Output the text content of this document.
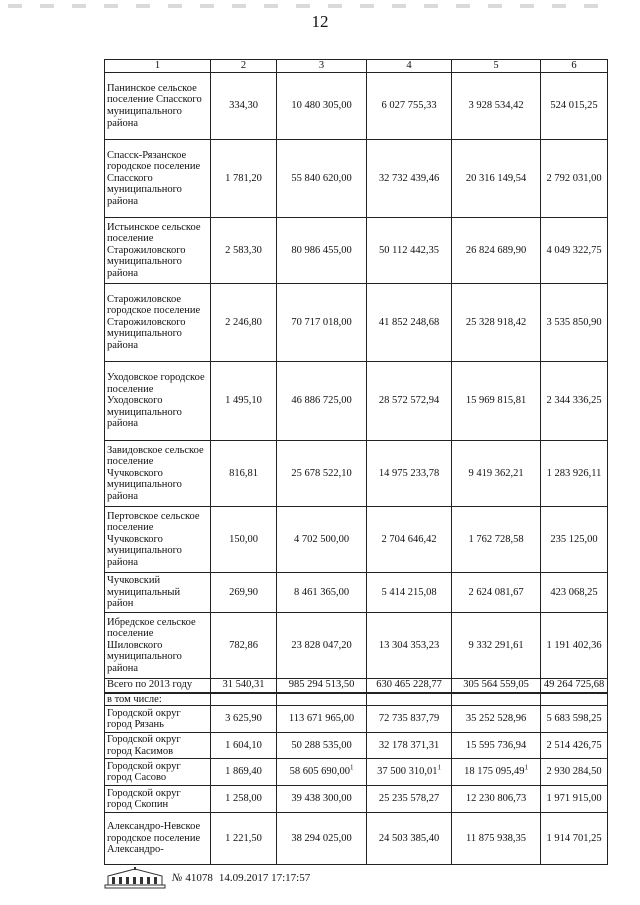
12
1	2	3	4	5	6
Панинское сельское поселение Спасского муниципального района	334,30	10 480 305,00	6 027 755,33	3 928 534,42	524 015,25
Спасск-Рязанское городское поселение Спасского муниципального района	1 781,20	55 840 620,00	32 732 439,46	20 316 149,54	2 792 031,00
Истьинское сельское поселение Старожиловского муниципального района	2 583,30	80 986 455,00	50 112 442,35	26 824 689,90	4 049 322,75
Старожиловское городское поселение Старожиловского муниципального района	2 246,80	70 717 018,00	41 852 248,68	25 328 918,42	3 535 850,90
Уходовское городское поселение Уходовского муниципального района	1 495,10	46 886 725,00	28 572 572,94	15 969 815,81	2 344 336,25
Завидовское сельское поселение Чучковского муниципального района	816,81	25 678 522,10	14 975 233,78	9 419 362,21	1 283 926,11
Пертовское сельское поселение Чучковского муниципального района	150,00	4 702 500,00	2 704 646,42	1 762 728,58	235 125,00
Чучковский муниципальный район	269,90	8 461 365,00	5 414 215,08	2 624 081,67	423 068,25
Ибредское сельское поселение Шиловского муниципального района	782,86	23 828 047,20	13 304 353,23	9 332 291,61	1 191 402,36
Всего по 2013 году	31 540,31	985 294 513,50	630 465 228,77	305 564 559,05	49 264 725,68
в том числе:					
Городской округ город Рязань	3 625,90	113 671 965,00	72 735 837,79	35 252 528,96	5 683 598,25
Городской округ город Касимов	1 604,10	50 288 535,00	32 178 371,31	15 595 736,94	2 514 426,75
Городской округ город Сасово	1 869,40	58 605 690,00$^1$	37 500 310,01$^1$	18 175 095,49$^1$	2 930 284,50
Городской округ город Скопин	1 258,00	39 438 300,00	25 235 578,27	12 230 806,73	1 971 915,00
Александро-Невское городское поселение Александро-	1 221,50	38 294 025,00	24 503 385,40	11 875 938,35	1 914 701,25
№ 41078 14.09.2017 17:17:57
